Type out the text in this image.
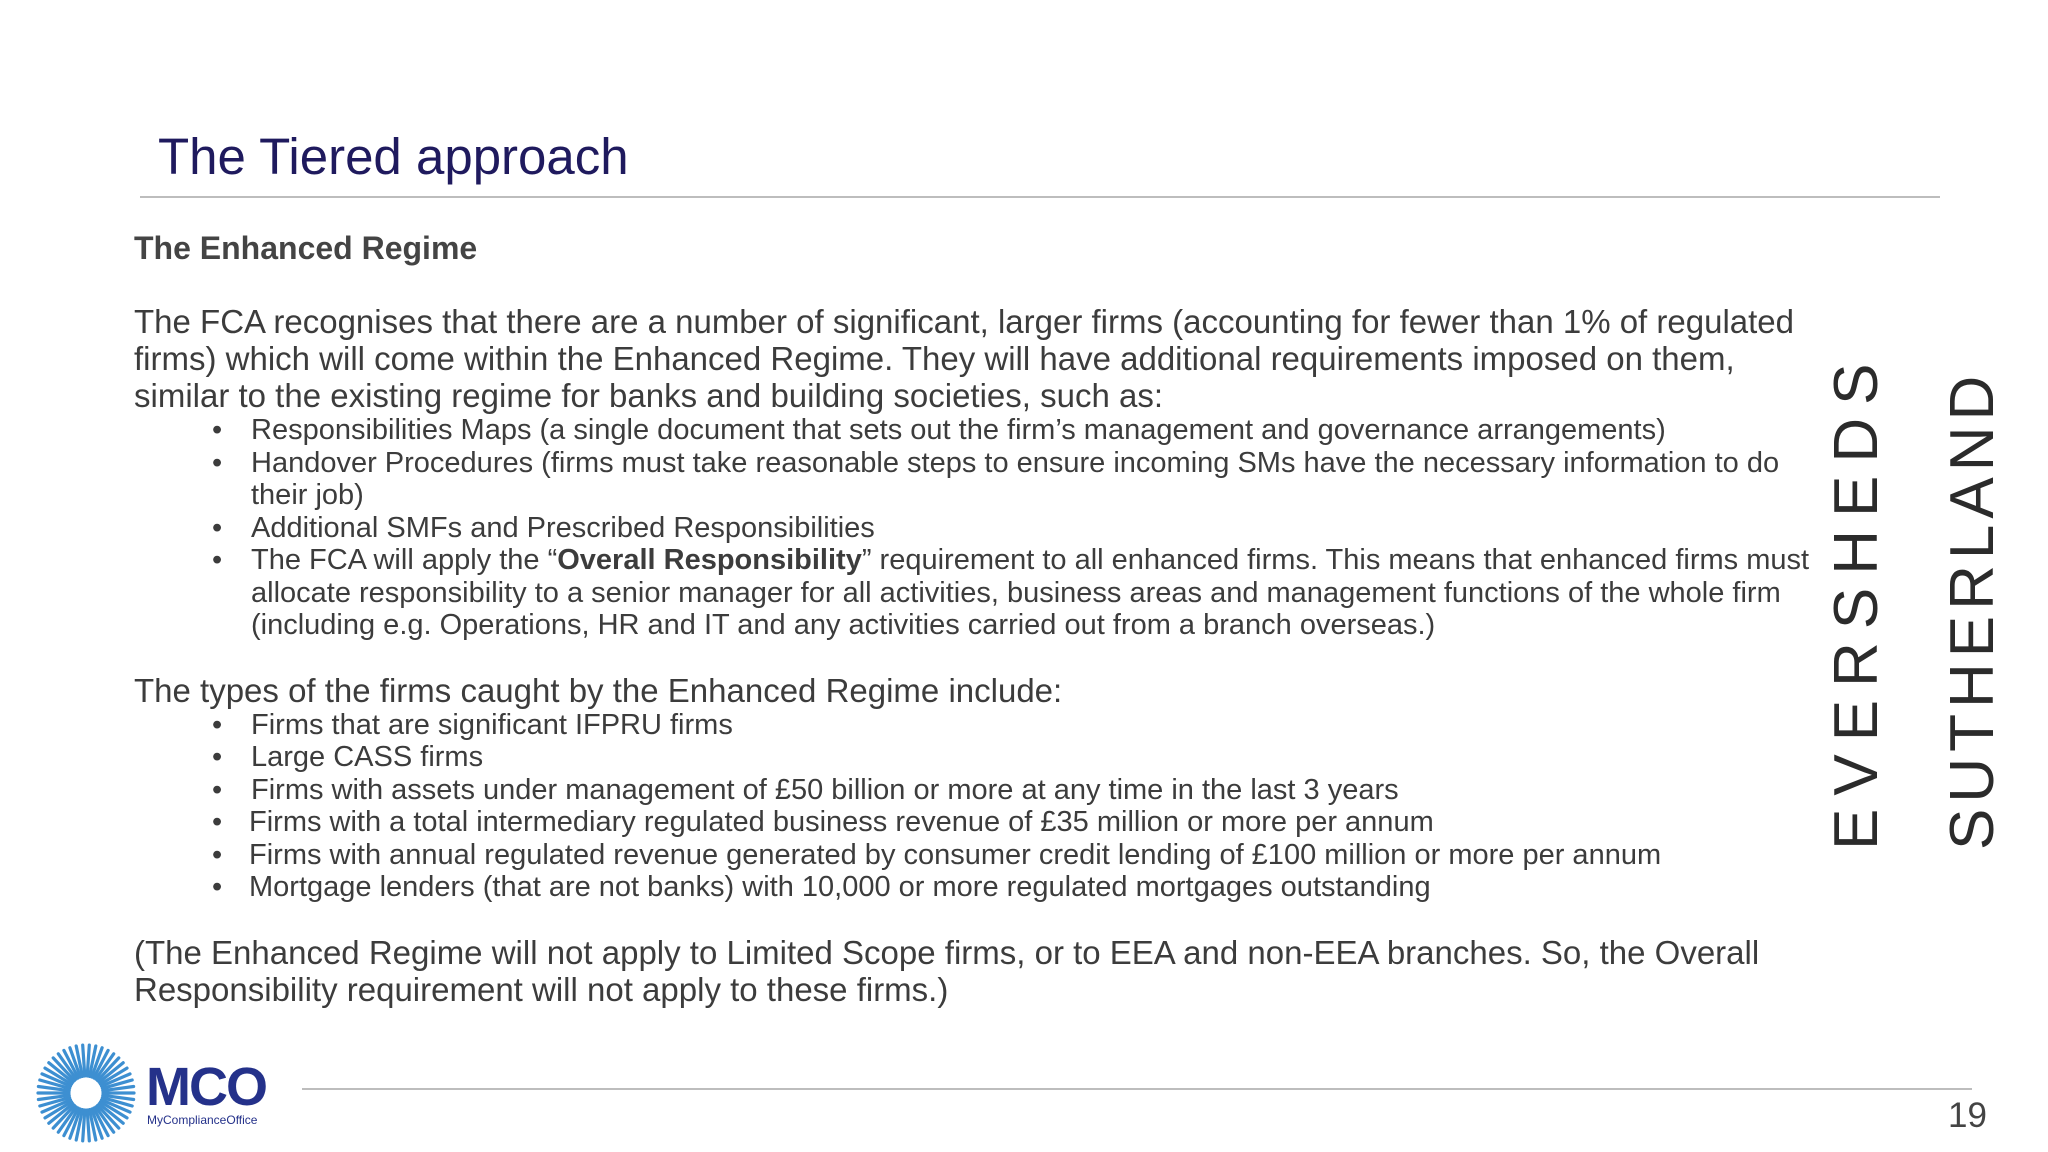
The Tiered approach

The Enhanced Regime

The FCA recognises that there are a number of significant, larger firms (accounting for fewer than 1% of regulated firms) which will come within the Enhanced Regime. They will have additional requirements imposed on them, similar to the existing regime for banks and building societies, such as:

• Responsibilities Maps (a single document that sets out the firm’s management and governance arrangements)
• Handover Procedures (firms must take reasonable steps to ensure incoming SMs have the necessary information to do their job)
• Additional SMFs and Prescribed Responsibilities
• The FCA will apply the “Overall Responsibility” requirement to all enhanced firms. This means that enhanced firms must allocate responsibility to a senior manager for all activities, business areas and management functions of the whole firm (including e.g. Operations, HR and IT and any activities carried out from a branch overseas.)

The types of the firms caught by the Enhanced Regime include:

• Firms that are significant IFPRU firms
• Large CASS firms
• Firms with assets under management of £50 billion or more at any time in the last 3 years
• Firms with a total intermediary regulated business revenue of £35 million or more per annum
• Firms with annual regulated revenue generated by consumer credit lending of £100 million or more per annum
• Mortgage lenders (that are not banks) with 10,000 or more regulated mortgages outstanding

(The Enhanced Regime will not apply to Limited Scope firms, or to EEA and non-EEA branches. So, the Overall Responsibility requirement will not apply to these firms.)

EVERSHEDS SUTHERLAND
19
MCO
MyComplianceOffice
